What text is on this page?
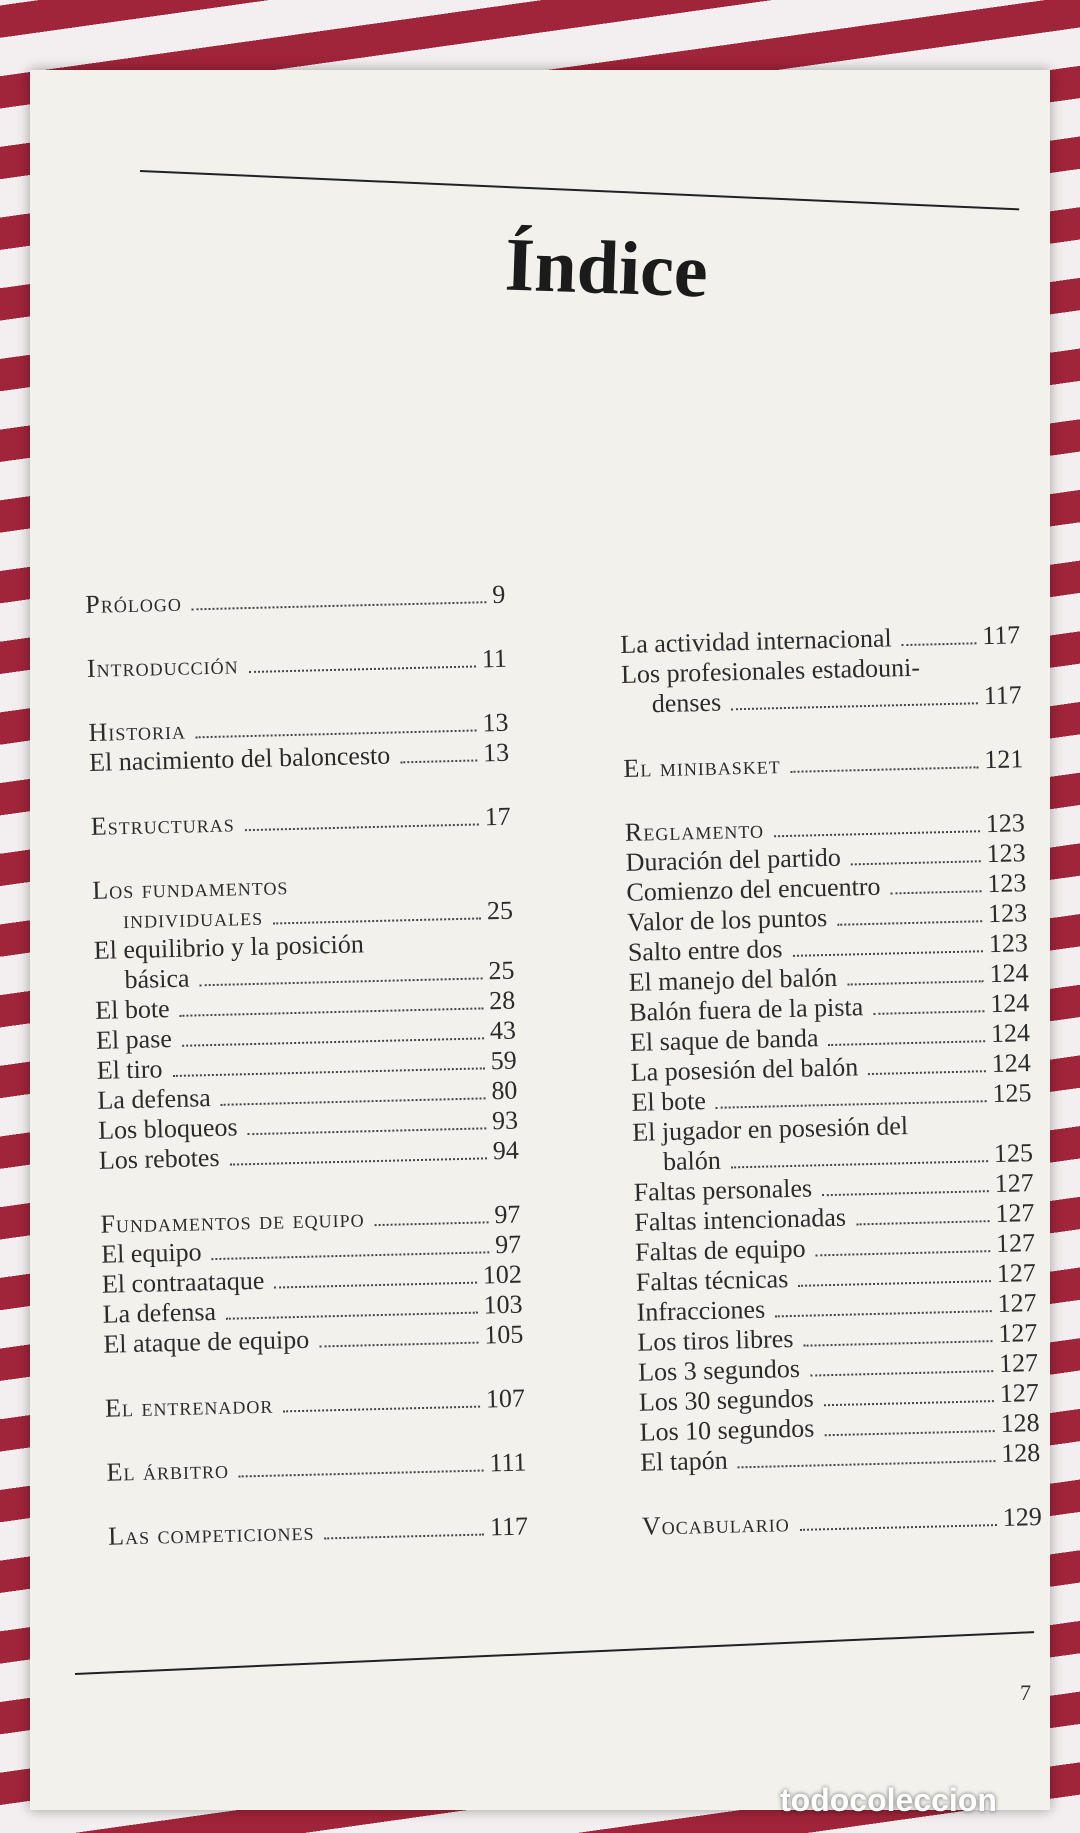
Índice
Prólogo	9
Introducción	11
Historia	13
El nacimiento del baloncesto	13
Estructuras	17
Los fundamentos
individuales	25
El equilibrio y la posición
básica	25
El bote	28
El pase	43
El tiro	59
La defensa	80
Los bloqueos	93
Los rebotes	94
Fundamentos de equipo	97
El equipo	97
El contraataque	102
La defensa	103
El ataque de equipo	105
El entrenador	107
El árbitro	111
Las competiciones	117
La actividad internacional	117
Los profesionales estadouni-
denses	117
El minibasket	121
Reglamento	123
Duración del partido	123
Comienzo del encuentro	123
Valor de los puntos	123
Salto entre dos	123
El manejo del balón	124
Balón fuera de la pista	124
El saque de banda	124
La posesión del balón	124
El bote	125
El jugador en posesión del
balón	125
Faltas personales	127
Faltas intencionadas	127
Faltas de equipo	127
Faltas técnicas	127
Infracciones	127
Los tiros libres	127
Los 3 segundos	127
Los 30 segundos	127
Los 10 segundos	128
El tapón	128
Vocabulario	129
7
todocoleccion
